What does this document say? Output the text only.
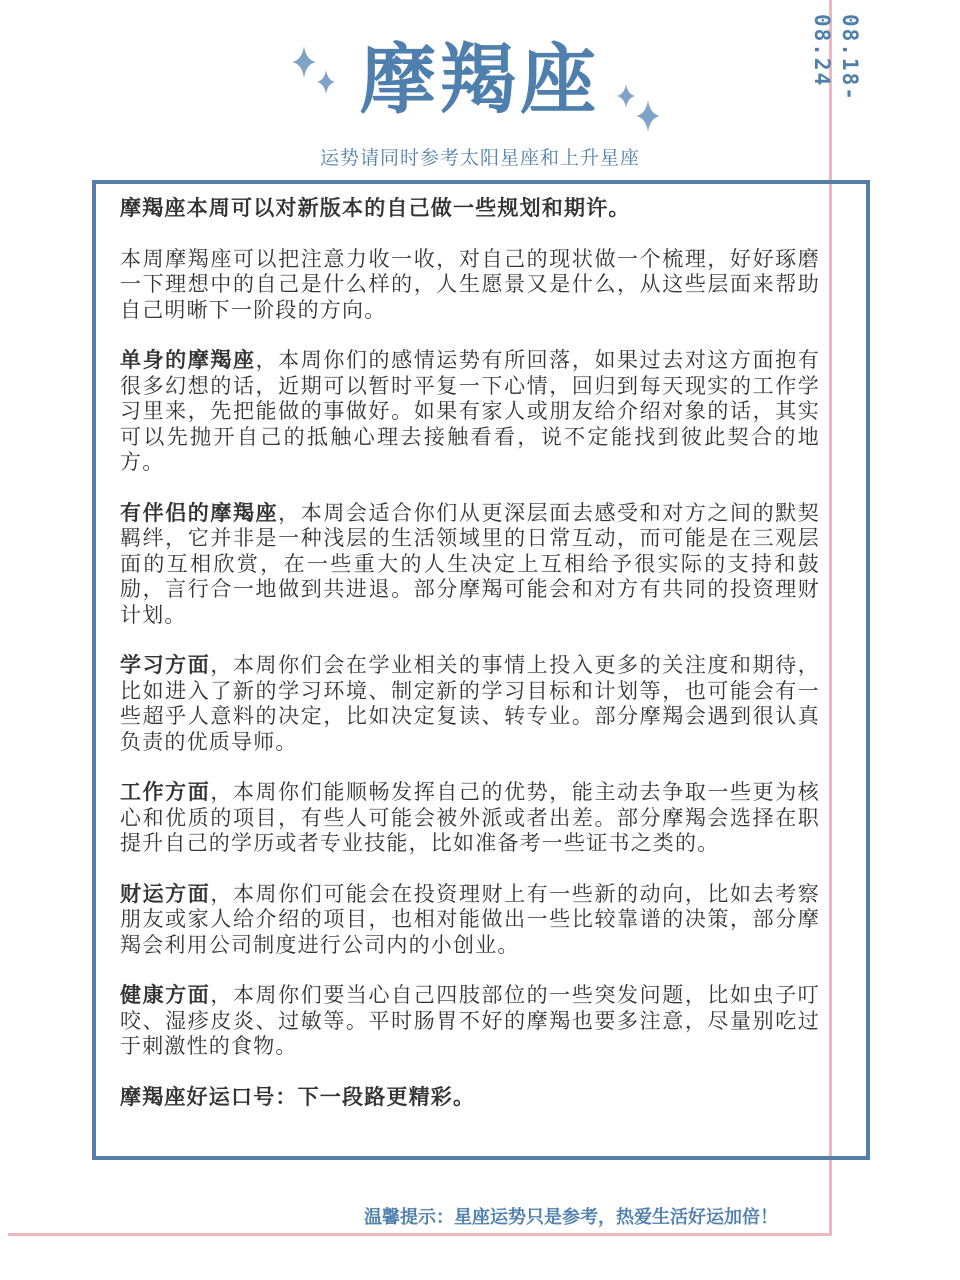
摩羯座
运势请同时参考太阳星座和上升星座
08.18-08.24

摩羯座本周可以对新版本的自己做一些规划和期许。

本周摩羯座可以把注意力收一收，对自己的现状做一个梳理，好好琢磨一下理想中的自己是什么样的，人生愿景又是什么，从这些层面来帮助自己明晰下一阶段的方向。

单身的摩羯座，本周你们的感情运势有所回落，如果过去对这方面抱有很多幻想的话，近期可以暂时平复一下心情，回归到每天现实的工作学习里来，先把能做的事做好。如果有家人或朋友给介绍对象的话，其实可以先抛开自己的抵触心理去接触看看，说不定能找到彼此契合的地方。

有伴侣的摩羯座，本周会适合你们从更深层面去感受和对方之间的默契羁绊，它并非是一种浅层的生活领域里的日常互动，而可能是在三观层面的互相欣赏，在一些重大的人生决定上互相给予很实际的支持和鼓励，言行合一地做到共进退。部分摩羯可能会和对方有共同的投资理财计划。

学习方面，本周你们会在学业相关的事情上投入更多的关注度和期待，比如进入了新的学习环境、制定新的学习目标和计划等，也可能会有一些超乎人意料的决定，比如决定复读、转专业。部分摩羯会遇到很认真负责的优质导师。

工作方面，本周你们能顺畅发挥自己的优势，能主动去争取一些更为核心和优质的项目，有些人可能会被外派或者出差。部分摩羯会选择在职提升自己的学历或者专业技能，比如准备考一些证书之类的。

财运方面，本周你们可能会在投资理财上有一些新的动向，比如去考察朋友或家人给介绍的项目，也相对能做出一些比较靠谱的决策，部分摩羯会利用公司制度进行公司内的小创业。

健康方面，本周你们要当心自己四肢部位的一些突发问题，比如虫子叮咬、湿疹皮炎、过敏等。平时肠胃不好的摩羯也要多注意，尽量别吃过于刺激性的食物。

摩羯座好运口号：下一段路更精彩。

温馨提示：星座运势只是参考，热爱生活好运加倍！
